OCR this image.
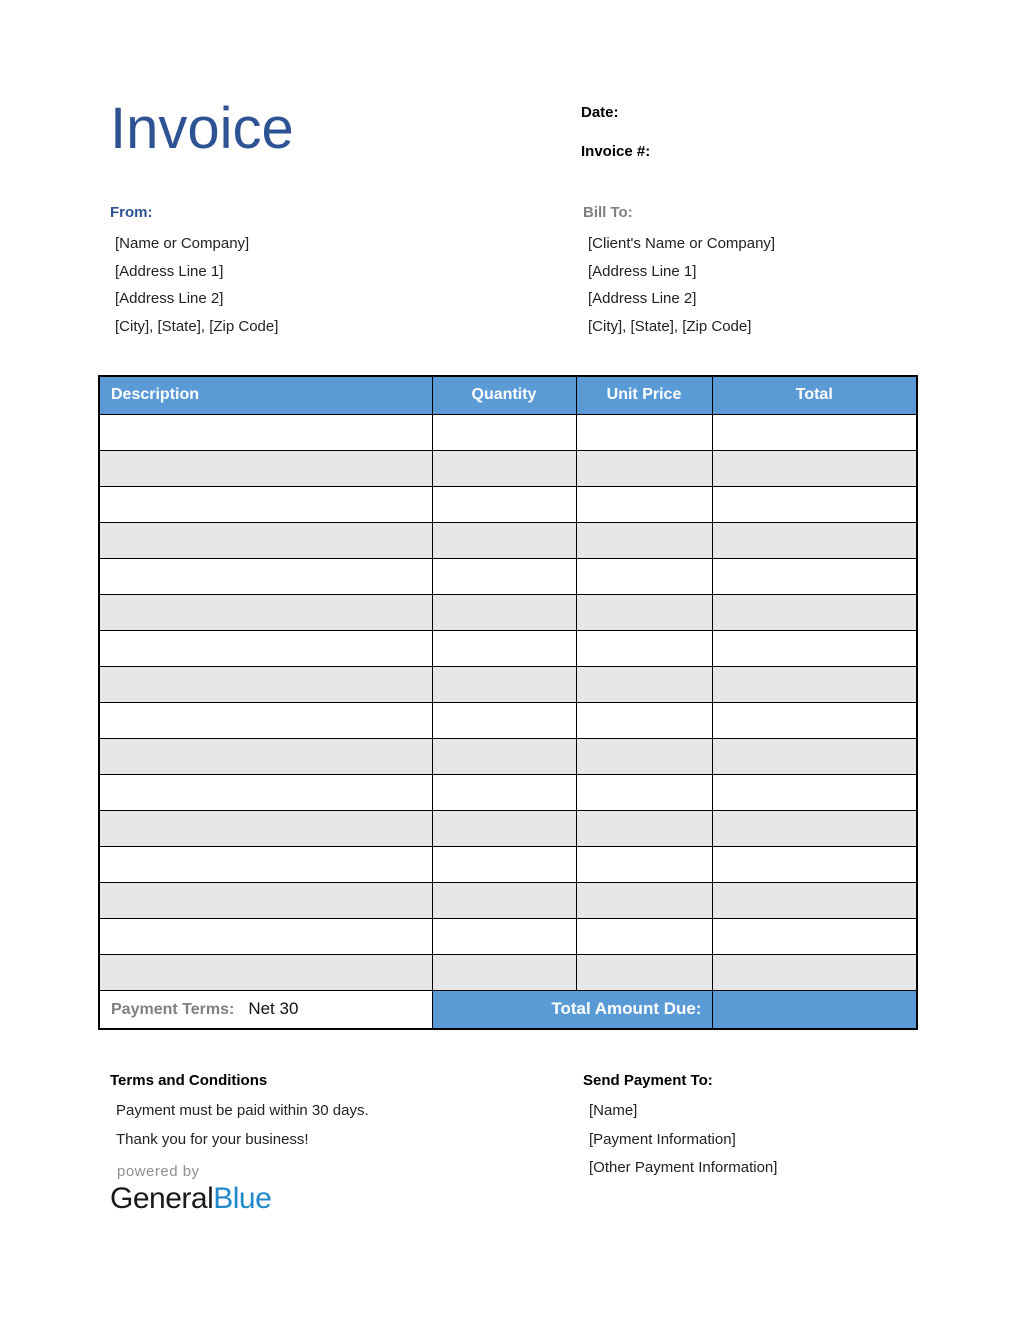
Invoice	Date:
Invoice #:
From:
[Name or Company]
[Address Line 1]
[Address Line 2]
[City], [State], [Zip Code]
Bill To:
[Client's Name or Company]
[Address Line 1]
[Address Line 2]
[City], [State], [Zip Code]
Description	Quantity	Unit Price	Total

Payment Terms: Net 30	Total Amount Due:		
Terms and Conditions
Payment must be paid within 30 days.
Thank you for your business!
Send Payment To:
[Name]
[Payment Information]
[Other Payment Information]
powered by
GeneralBlue
